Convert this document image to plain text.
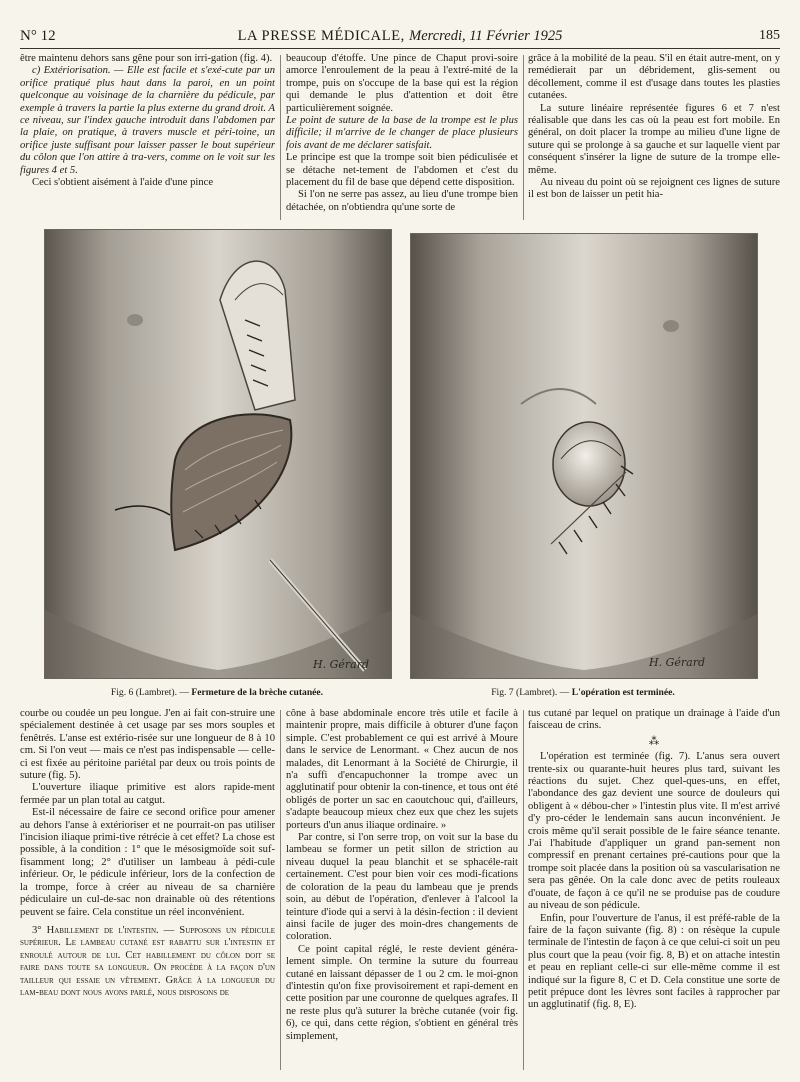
N° 12	LA PRESSE MÉDICALE, Mercredi, 11 Février 1925	185

être maintenu dehors sans gêne pour son irri-gation (fig. 4).

c) Extériorisation. — Elle est facile et s'exé-cute par un orifice pratiqué plus haut dans la paroi, en un point quelconque au voisinage de la charnière du pédicule, par exemple à travers la partie la plus externe du grand droit. A ce niveau, sur l'index gauche introduit dans l'abdomen par la plaie, on pratique, à travers muscle et péri-toine, un orifice juste suffisant pour laisser passer le bout supérieur du côlon que l'on attire à tra-vers, comme on le voit sur les figures 4 et 5.

Ceci s'obtient aisément à l'aide d'une pince

beaucoup d'étoffe. Une pince de Chaput provi-soire amorce l'enroulement de la peau à l'extré-mité de la trompe, puis on s'occupe de la base qui est la région qui demande le plus d'attention et doit être particulièrement soignée.

Le point de suture de la base de la trompe est le plus difficile; il m'arrive de le changer de place plusieurs fois avant de me déclarer satisfait.

Le principe est que la trompe soit bien pédiculisée et se détache net-tement de l'abdomen et c'est du placement du fil de base que dépend cette disposition.

Si l'on ne serre pas assez, au lieu d'une trompe bien détachée, on n'obtiendra qu'une sorte de

grâce à la mobilité de la peau. S'il en était autre-ment, on y remédierait par un débridement, glis-sement ou décollement, comme il est d'usage dans toutes les plasties cutanées.

La suture linéaire représentée figures 6 et 7 n'est réalisable que dans les cas où la peau est fort mobile. En général, on doit placer la trompe au milieu d'une ligne de suture qui se prolonge à sa gauche et sur laquelle vient par conséquent s'insérer la ligne de suture de la trompe elle-même.

Au niveau du point où se rejoignent ces lignes de suture il est bon de laisser un petit hia-

H. Gérard
Fig. 6 (Lambret). — Fermeture de la brèche cutanée.
H. Gérard
Fig. 7 (Lambret). — L'opération est terminée.

courbe ou coudée un peu longue. J'en ai fait con-struire une spécialement destinée à cet usage par ses mors souples et fenêtrés. L'anse est extério-risée sur une longueur de 8 à 10 cm. Si l'on veut — mais ce n'est pas indispensable — celle-ci est fixée au péritoine pariétal par deux ou trois points de suture (fig. 5).

L'ouverture iliaque primitive est alors rapide-ment fermée par un plan total au catgut.

Est-il nécessaire de faire ce second orifice pour amener au dehors l'anse à extérioriser et ne pourrait-on pas utiliser l'incision iliaque primi-tive rétrécie à cet effet? La chose est possible, à la condition : 1° que le mésosigmoïde soit suf-fisamment long; 2° d'utiliser un lambeau à pédi-cule inférieur. Or, le pédicule inférieur, lors de la confection de la trompe, force à créer au niveau de sa charnière pédiculaire un cul-de-sac non drainable où des rétentions peuvent se faire. Cela constitue un réel inconvénient.

3° Habillement de l'intestin. — Supposons un pédicule supérieur. Le lambeau cutané est rabattu sur l'intestin et enroulé autour de lui. Cet habillement du côlon doit se faire dans toute sa longueur. On procède à la façon d'un tailleur qui essaie un vêtement. Grâce à la longueur du lam-beau dont nous avons parlé, nous disposons de

cône à base abdominale encore très utile et facile à maintenir propre, mais difficile à obturer d'une façon simple. C'est probablement ce qui est arrivé à Moure dans le service de Lenormant. « Chez aucun de nos malades, dit Lenormant à la Société de Chirurgie, il n'a suffi d'encapuchonner la trompe avec un agglutinatif pour obtenir la con-tinence, et tous ont été obligés de porter un sac en caoutchouc qui, d'ailleurs, s'adapte beaucoup mieux chez eux que chez les sujets porteurs d'un anus iliaque ordinaire. »

Par contre, si l'on serre trop, on voit sur la base du lambeau se former un petit sillon de striction au niveau duquel la peau blanchit et se sphacéle-rait certainement. C'est pour bien voir ces modi-fications de coloration de la peau du lambeau que je prends soin, au début de l'opération, d'enlever à l'alcool la teinture d'iode qui a servi à la désin-fection : il devient ainsi facile de juger des moin-dres changements de coloration.

Ce point capital réglé, le reste devient généra-lement simple. On termine la suture du fourreau cutané en laissant dépasser de 1 ou 2 cm. le moi-gnon d'intestin qu'on fixe provisoirement et rapi-dement en cette position par une couronne de quelques agrafes. Il ne reste plus qu'à suturer la brèche cutanée (voir fig. 6), ce qui, dans cette région, s'obtient en général très simplement,

tus cutané par lequel on pratique un drainage à l'aide d'un faisceau de crins.

⁂

L'opération est terminée (fig. 7). L'anus sera ouvert trente-six ou quarante-huit heures plus tard, suivant les réactions du sujet. Chez quel-ques-uns, en effet, l'abondance des gaz devient une source de douleurs qui obligent à « débou-cher » l'intestin plus vite. Il m'est arrivé d'y pro-céder le lendemain sans aucun inconvénient. Je crois même qu'il serait possible de le faire séance tenante. J'ai l'habitude d'appliquer un grand pan-sement non compressif en prenant certaines pré-cautions pour que la trompe soit placée dans la position où sa vascularisation ne sera pas gênée. On la cale donc avec de petits rouleaux d'ouate, de façon à ce qu'il ne se produise pas de coudure au niveau de son pédicule.

Enfin, pour l'ouverture de l'anus, il est préfé-rable de la faire de la façon suivante (fig. 8) : on résèque la cupule terminale de l'intestin de façon à ce que celui-ci soit un peu plus court que la peau (voir fig. 8, B) et on attache intestin et peau en repliant celle-ci sur elle-même comme il est indiqué sur la figure 8, C et D. Cela constitue une sorte de petit prépuce dont les lèvres sont faciles à rapprocher par un agglutinatif (fig. 8, E).
